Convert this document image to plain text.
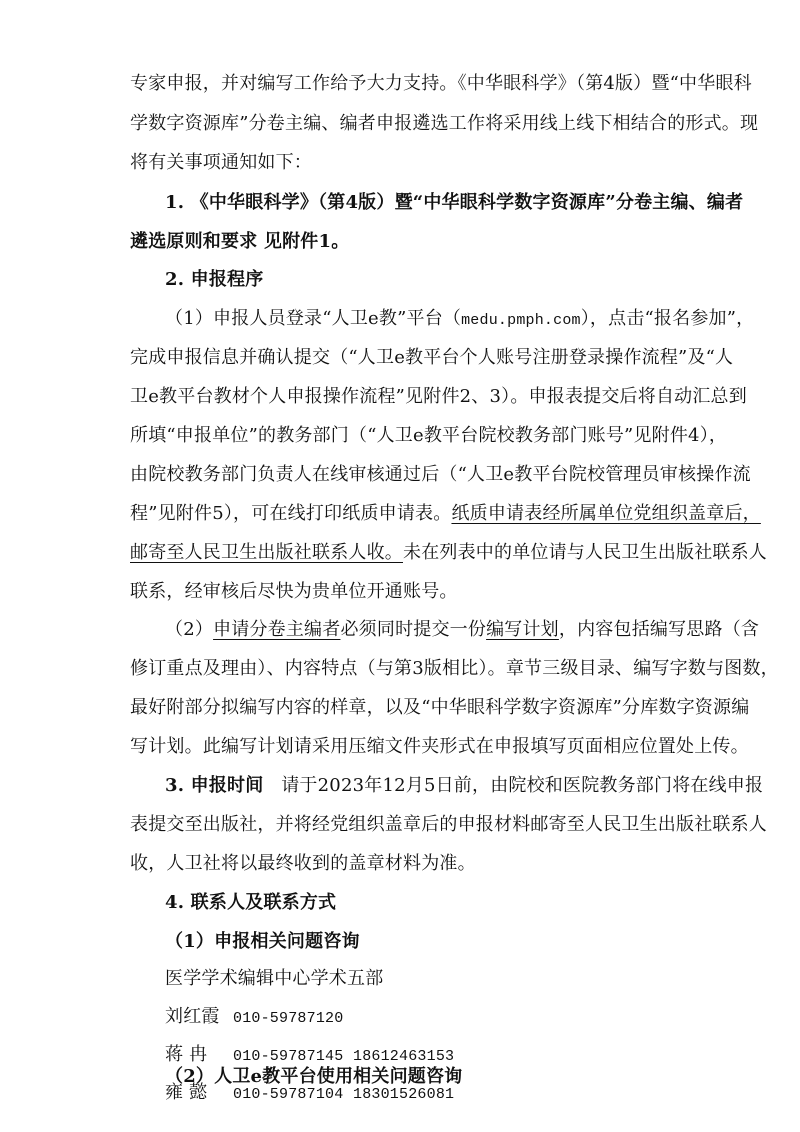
专家申报，并对编写工作给予大力支持。《中华眼科学》（第4版）暨“中华眼科
学数字资源库”分卷主编、编者申报遴选工作将采用线上线下相结合的形式。现
将有关事项通知如下：
1. 《中华眼科学》（第4版）暨“中华眼科学数字资源库”分卷主编、编者
遴选原则和要求 见附件1。
2. 申报程序
（1）申报人员登录“人卫e教”平台（medu.pmph.com），点击“报名参加”，
完成申报信息并确认提交（“人卫e教平台个人账号注册登录操作流程”及“人
卫e教平台教材个人申报操作流程”见附件2、3）。申报表提交后将自动汇总到
所填“申报单位”的教务部门（“人卫e教平台院校教务部门账号”见附件4），
由院校教务部门负责人在线审核通过后（“人卫e教平台院校管理员审核操作流
程”见附件5），可在线打印纸质申请表。纸质申请表经所属单位党组织盖章后，
邮寄至人民卫生出版社联系人收。未在列表中的单位请与人民卫生出版社联系人
联系，经审核后尽快为贵单位开通账号。
（2）申请分卷主编者必须同时提交一份编写计划，内容包括编写思路（含
修订重点及理由）、内容特点（与第3版相比）。章节三级目录、编写字数与图数，
最好附部分拟编写内容的样章，以及“中华眼科学数字资源库”分库数字资源编
写计划。此编写计划请采用压缩文件夹形式在申报填写页面相应位置处上传。
3. 申报时间 请于2023年12月5日前，由院校和医院教务部门将在线申报
表提交至出版社，并将经党组织盖章后的申报材料邮寄至人民卫生出版社联系人
收，人卫社将以最终收到的盖章材料为准。
4. 联系人及联系方式
（1）申报相关问题咨询
医学学术编辑中心学术五部
刘红霞 010-59787120
蒋 冉 010-59787145 18612463153
雍 懿 010-59787104 18301526081
（2）人卫e教平台使用相关问题咨询
